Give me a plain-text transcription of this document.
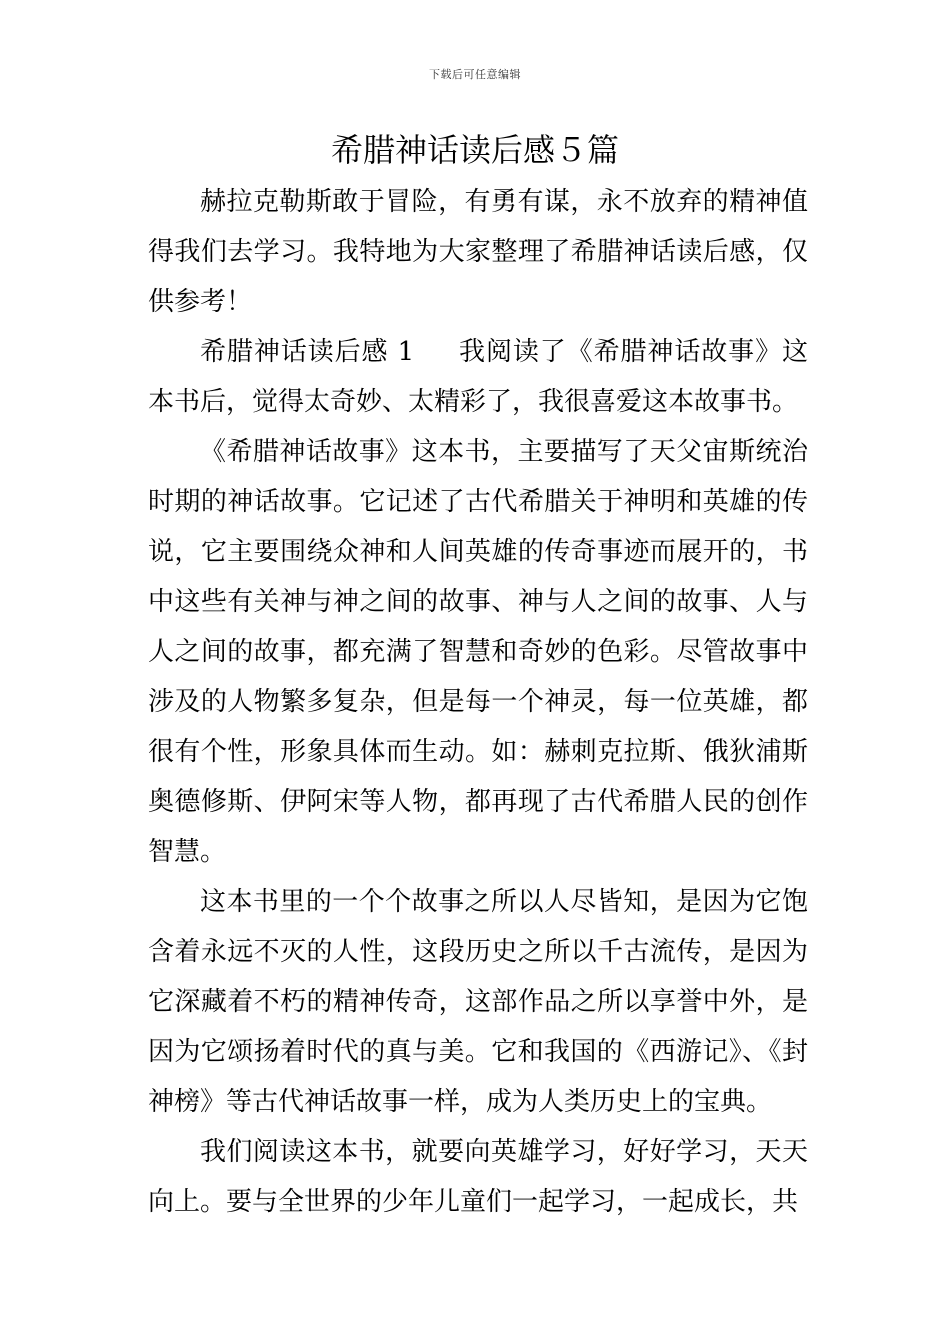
下载后可任意编辑
希腊神话读后感５篇

赫拉克勒斯敢于冒险，有勇有谋，永不放弃的精神值得我们去学习。我特地为大家整理了希腊神话读后感，仅供参考！

希腊神话读后感 1 我阅读了《希腊神话故事》这本书后，觉得太奇妙、太精彩了，我很喜爱这本故事书。

《希腊神话故事》这本书，主要描写了天父宙斯统治时期的神话故事。它记述了古代希腊关于神明和英雄的传说，它主要围绕众神和人间英雄的传奇事迹而展开的，书中这些有关神与神之间的故事、神与人之间的故事、人与人之间的故事，都充满了智慧和奇妙的色彩。尽管故事中涉及的人物繁多复杂，但是每一个神灵，每一位英雄，都很有个性，形象具体而生动。如：赫刺克拉斯、俄狄浦斯奥德修斯、伊阿宋等人物，都再现了古代希腊人民的创作智慧。

这本书里的一个个故事之所以人尽皆知，是因为它饱含着永远不灭的人性，这段历史之所以千古流传，是因为它深藏着不朽的精神传奇，这部作品之所以享誉中外，是因为它颂扬着时代的真与美。它和我国的《西游记》、《封神榜》等古代神话故事一样，成为人类历史上的宝典。

我们阅读这本书，就要向英雄学习，好好学习，天天向上。要与全世界的少年儿童们一起学习，一起成长，共
